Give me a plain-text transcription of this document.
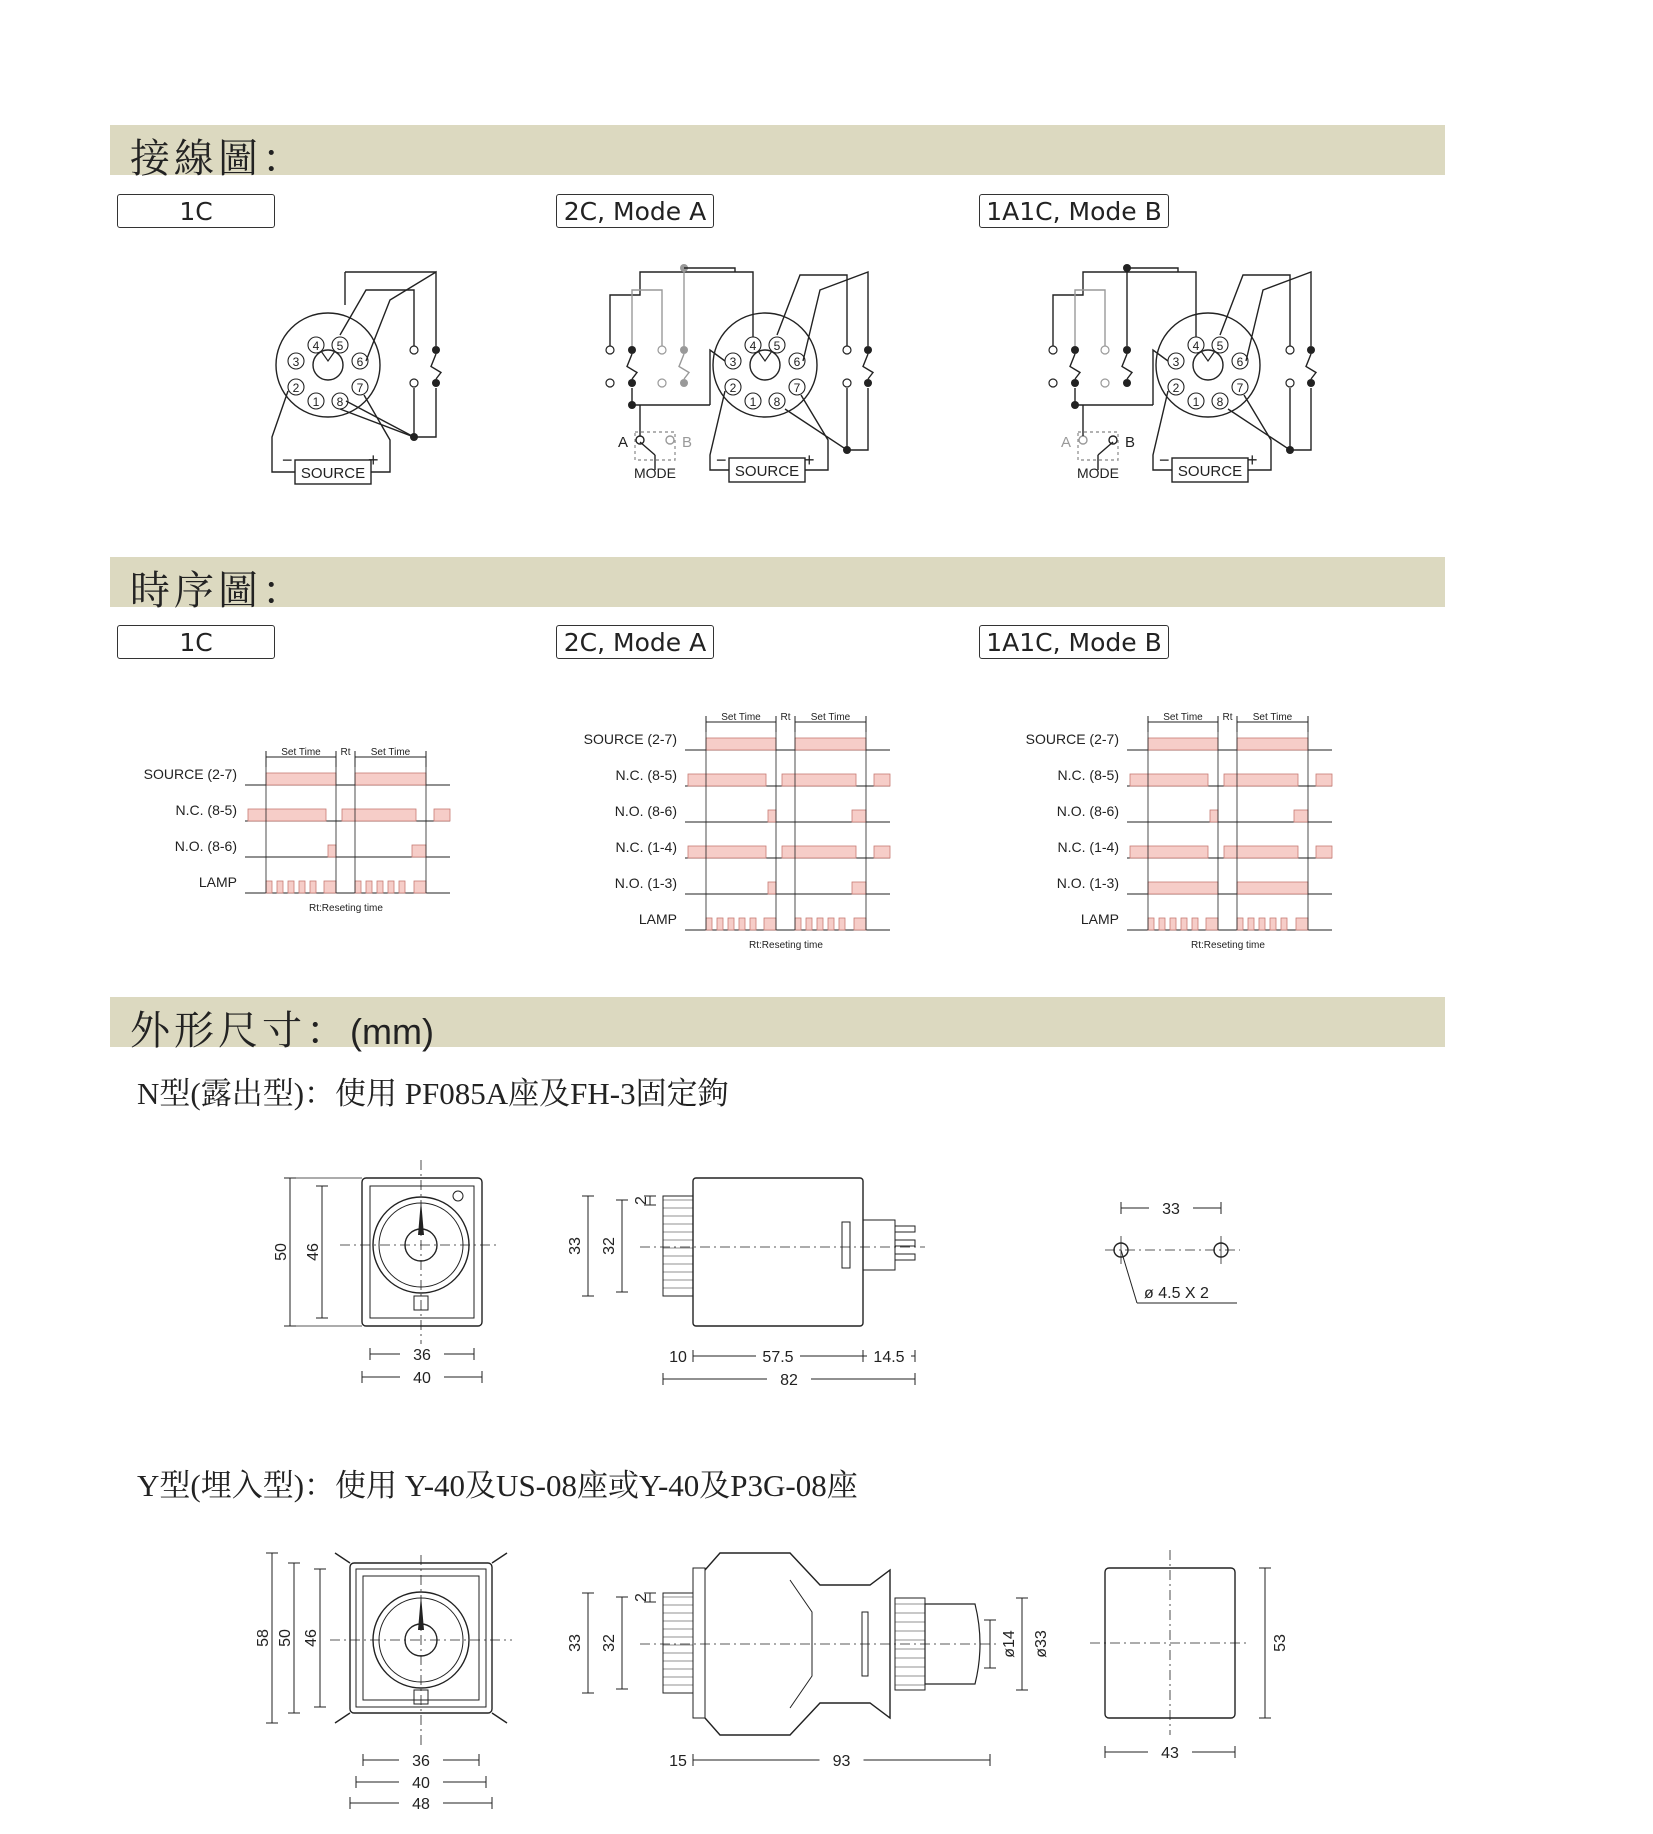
接線圖：
時序圖：
外形尺寸：(mm)
1C	2C, Mode A	1A1C, Mode B
1C	2C, Mode A	1A1C, Mode B
N型(露出型)：使用 PF085A座及FH-3固定鉤
Y型(埋入型)：使用 Y-40及US-08座或Y-40及P3G-08座
1
2
3
4 5
6
7
8
SOURCE
−	+
1
2
3
4 5
6
7
8
A	B
MODE	SOURCE
−	+
1
2
3
4 5
6
7
8
A	B
MODE	SOURCE
−	+
Set Time	Set Time
Rt
SOURCE (2-7)
N.C. (8-5)
N.O. (8-6)
LAMP
Rt:Reseting time
Set Time	Set Time
Rt
SOURCE (2-7)
N.C. (8-5)
N.O. (8-6)
N.C. (1-4)
N.O. (1-3)
LAMP
Rt:Reseting time
Set Time	Set Time
Rt
SOURCE (2-7)
N.C. (8-5)
N.O. (8-6)
N.C. (1-4)
N.O. (1-3)
LAMP
Rt:Reseting time
50 46
36
40
33 32
2
10	57.5	14.5
82
33
ø 4.5 X 2
58 50 46
36
40
48
33 32
2
ø14 ø33
15	93
53
43
